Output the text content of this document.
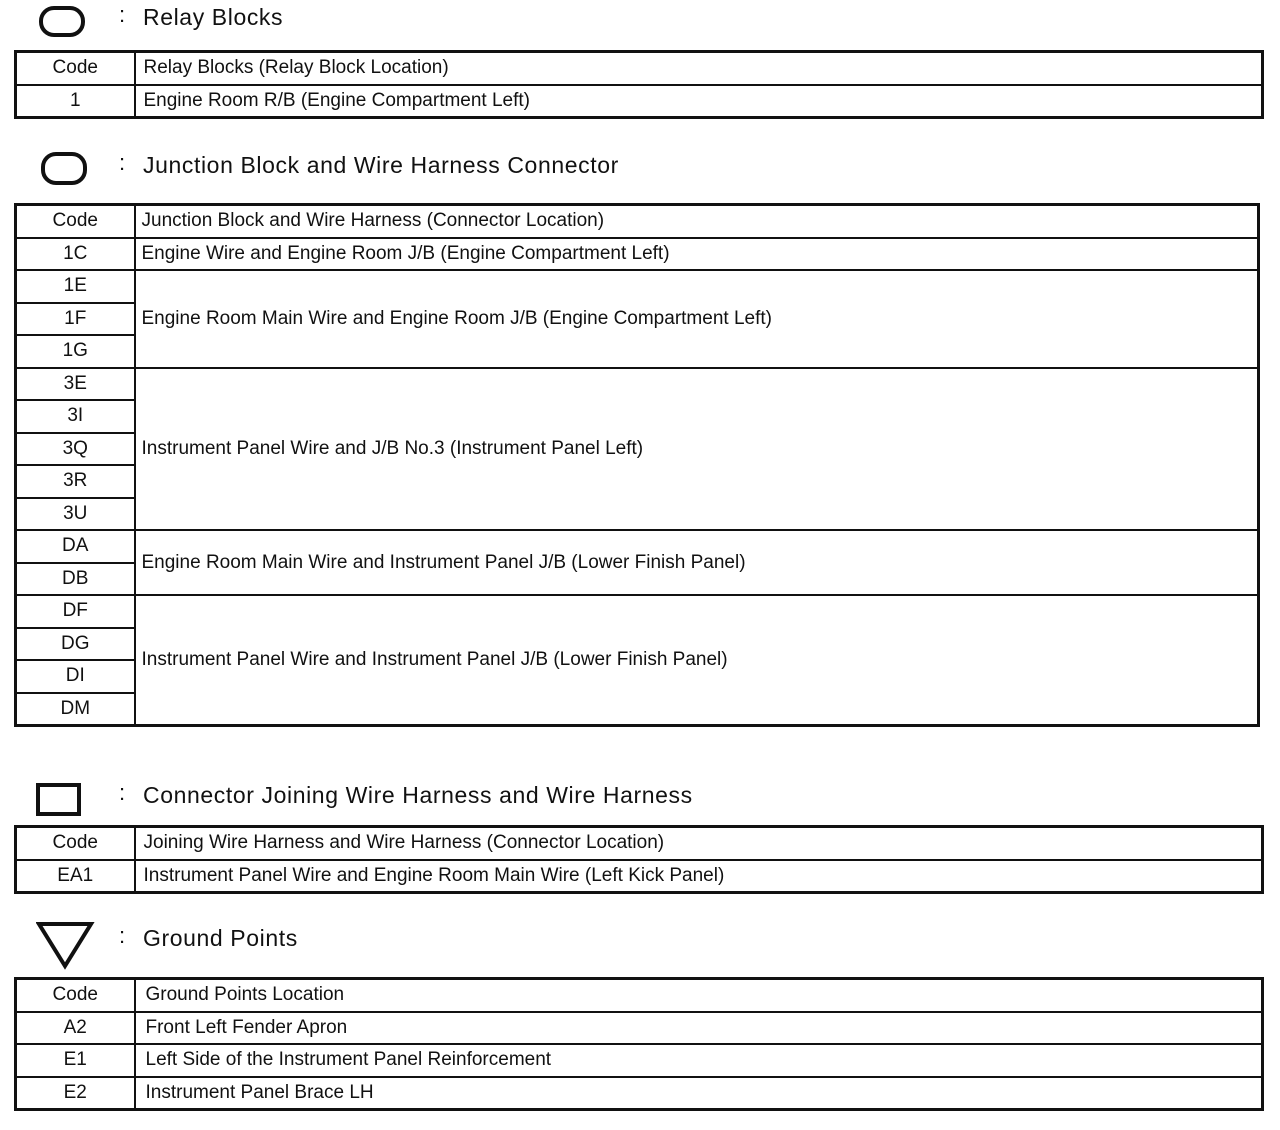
: Relay Blocks
Code	Relay Blocks (Relay Block Location)
1	Engine Room R/B (Engine Compartment Left)
: Junction Block and Wire Harness Connector
Code	Junction Block and Wire Harness (Connector Location)
1C	Engine Wire and Engine Room J/B (Engine Compartment Left)
1E	Engine Room Main Wire and Engine Room J/B (Engine Compartment Left)
1F	
1G	
3E	Instrument Panel Wire and J/B No.3 (Instrument Panel Left)
3I	
3Q	
3R	
3U	
DA	Engine Room Main Wire and Instrument Panel J/B (Lower Finish Panel)
DB	
DF	Instrument Panel Wire and Instrument Panel J/B (Lower Finish Panel)
DG	
DI	
DM	
: Connector Joining Wire Harness and Wire Harness
Code	Joining Wire Harness and Wire Harness (Connector Location)
EA1	Instrument Panel Wire and Engine Room Main Wire (Left Kick Panel)
: Ground Points
Code	Ground Points Location
A2	Front Left Fender Apron
E1	Left Side of the Instrument Panel Reinforcement
E2	Instrument Panel Brace LH
